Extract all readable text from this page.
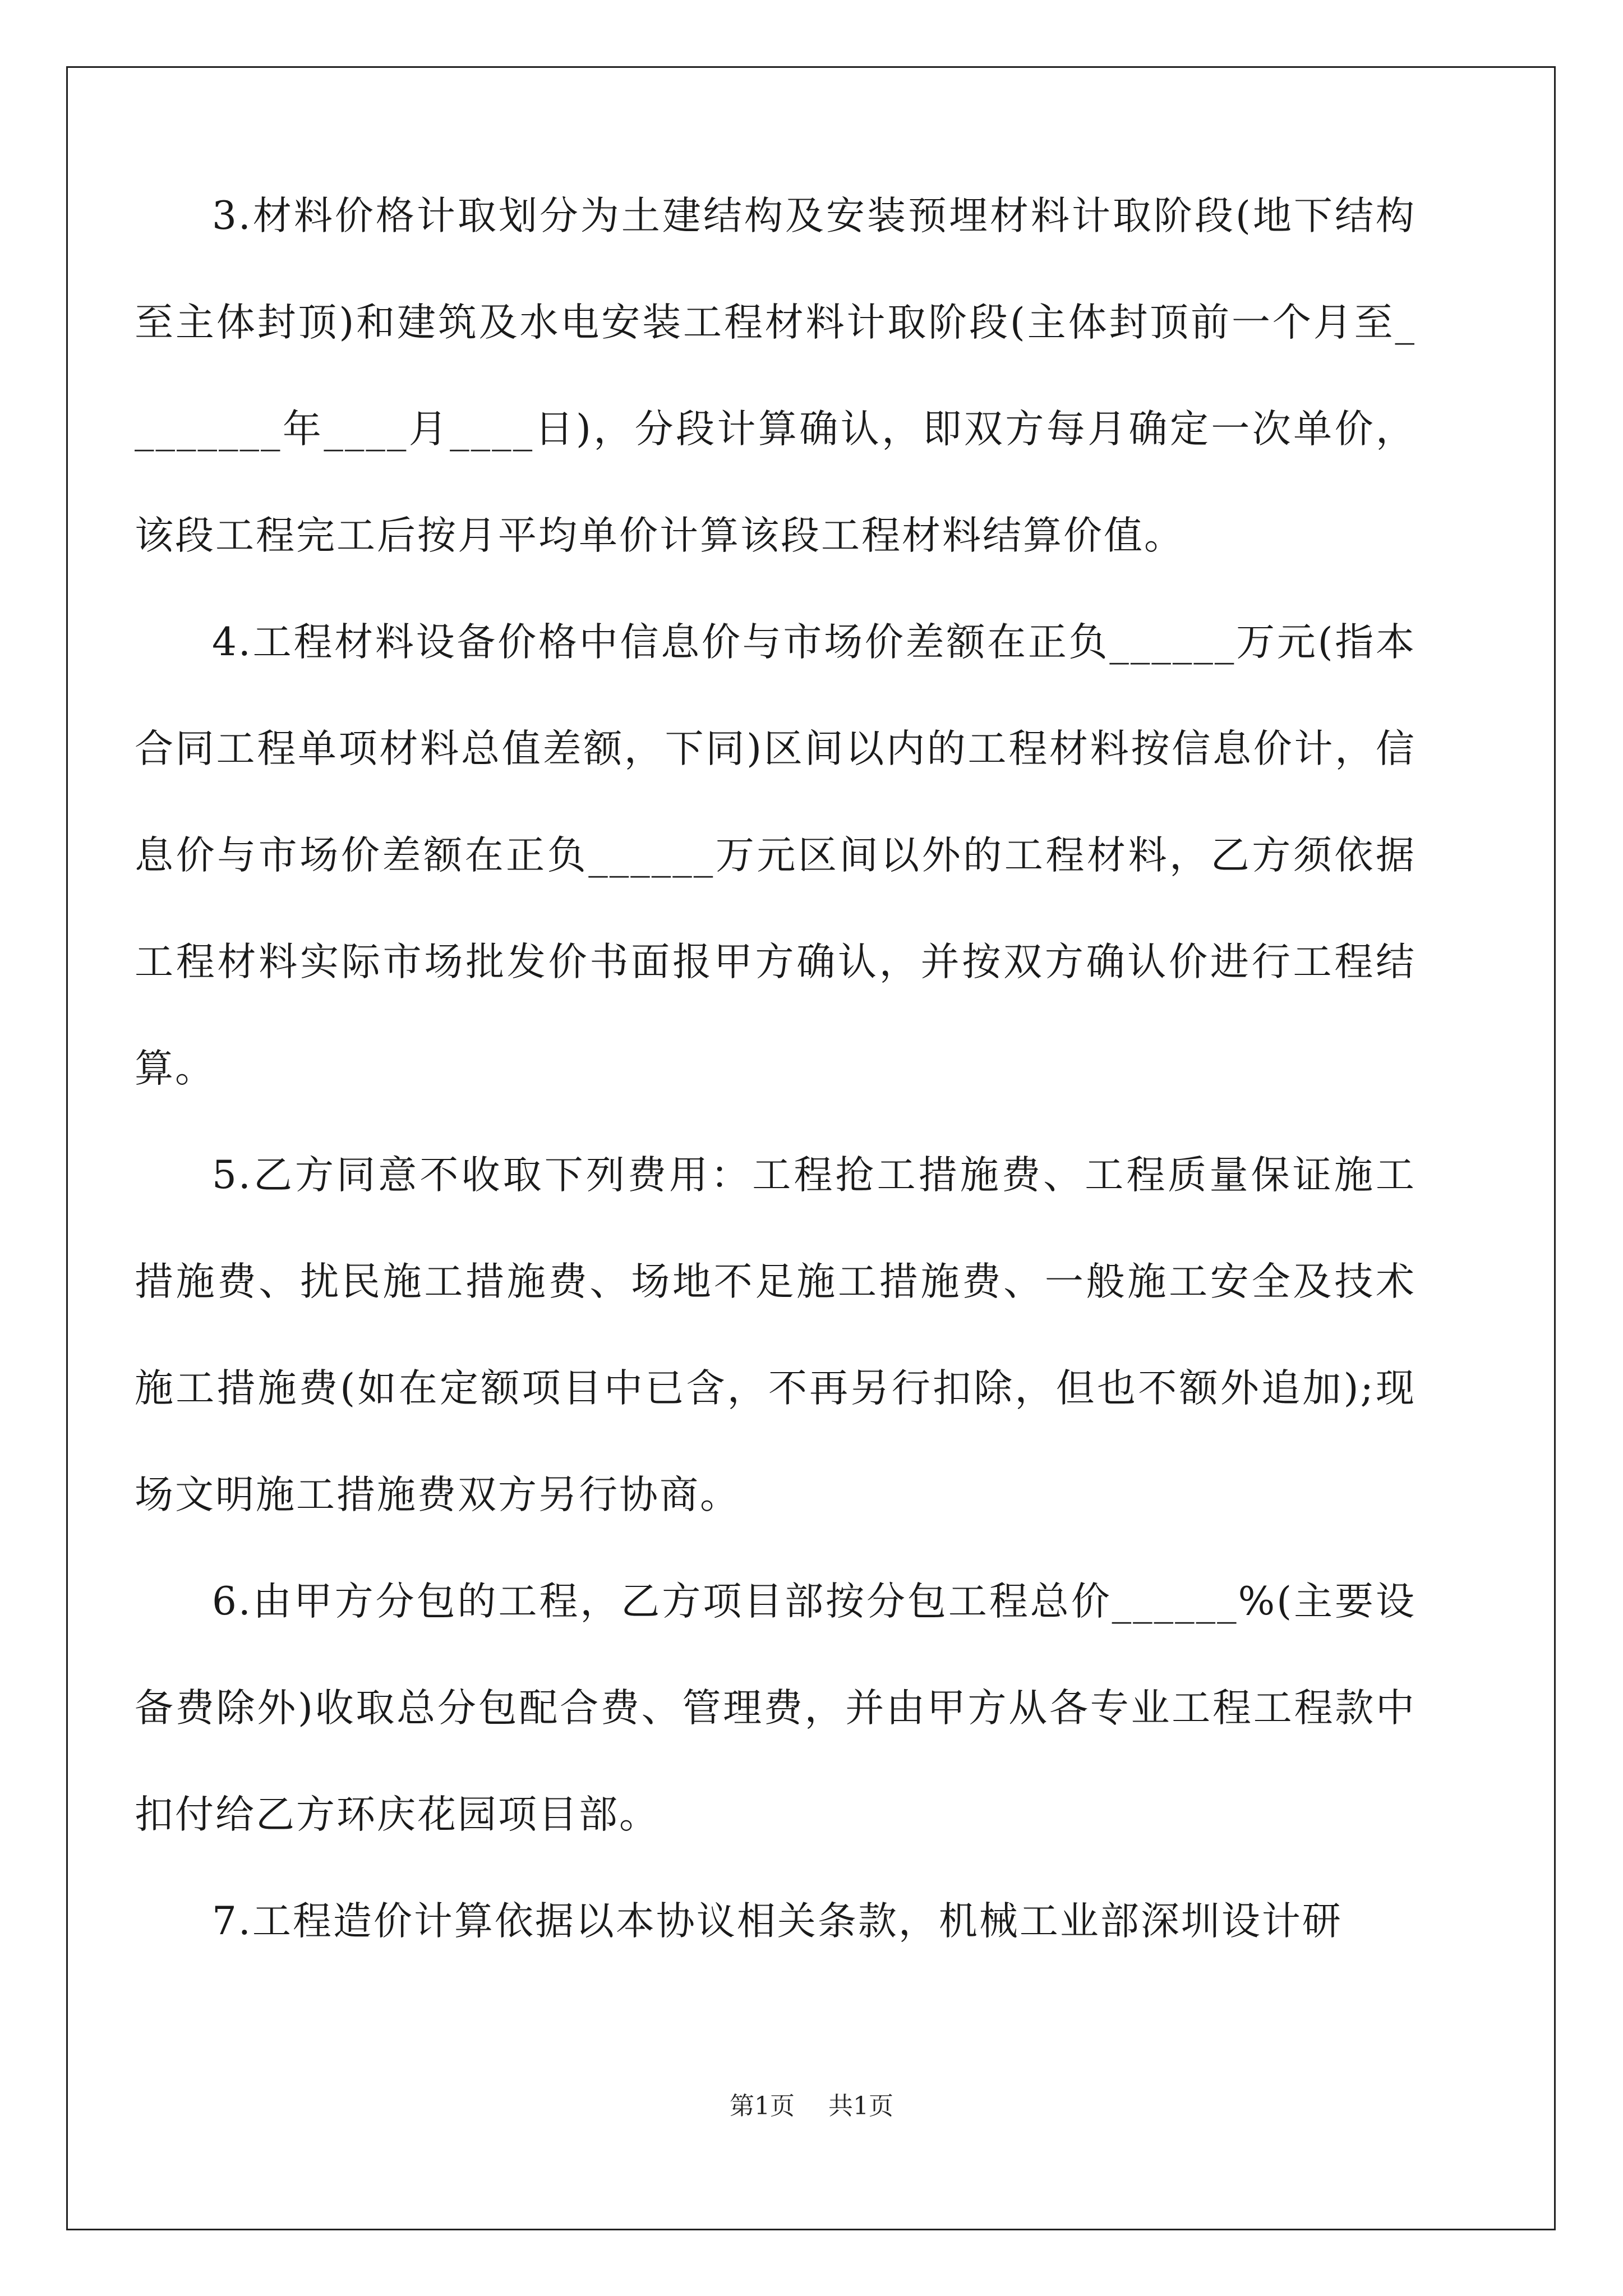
3.材料价格计取划分为土建结构及安装预埋材料计取阶段(地下结构至主体封顶)和建筑及水电安装工程材料计取阶段(主体封顶前一个月至________年____月____日)，分段计算确认，即双方每月确定一次单价，该段工程完工后按月平均单价计算该段工程材料结算价值。

4.工程材料设备价格中信息价与市场价差额在正负______万元(指本合同工程单项材料总值差额，下同)区间以内的工程材料按信息价计，信息价与市场价差额在正负______万元区间以外的工程材料，乙方须依据工程材料实际市场批发价书面报甲方确认，并按双方确认价进行工程结算。

5.乙方同意不收取下列费用：工程抢工措施费、工程质量保证施工措施费、扰民施工措施费、场地不足施工措施费、一般施工安全及技术施工措施费(如在定额项目中已含，不再另行扣除，但也不额外追加);现场文明施工措施费双方另行协商。

6.由甲方分包的工程，乙方项目部按分包工程总价______%(主要设备费除外)收取总分包配合费、管理费，并由甲方从各专业工程工程款中扣付给乙方环庆花园项目部。

7.工程造价计算依据以本协议相关条款，机械工业部深圳设计研

第1页 共1页
